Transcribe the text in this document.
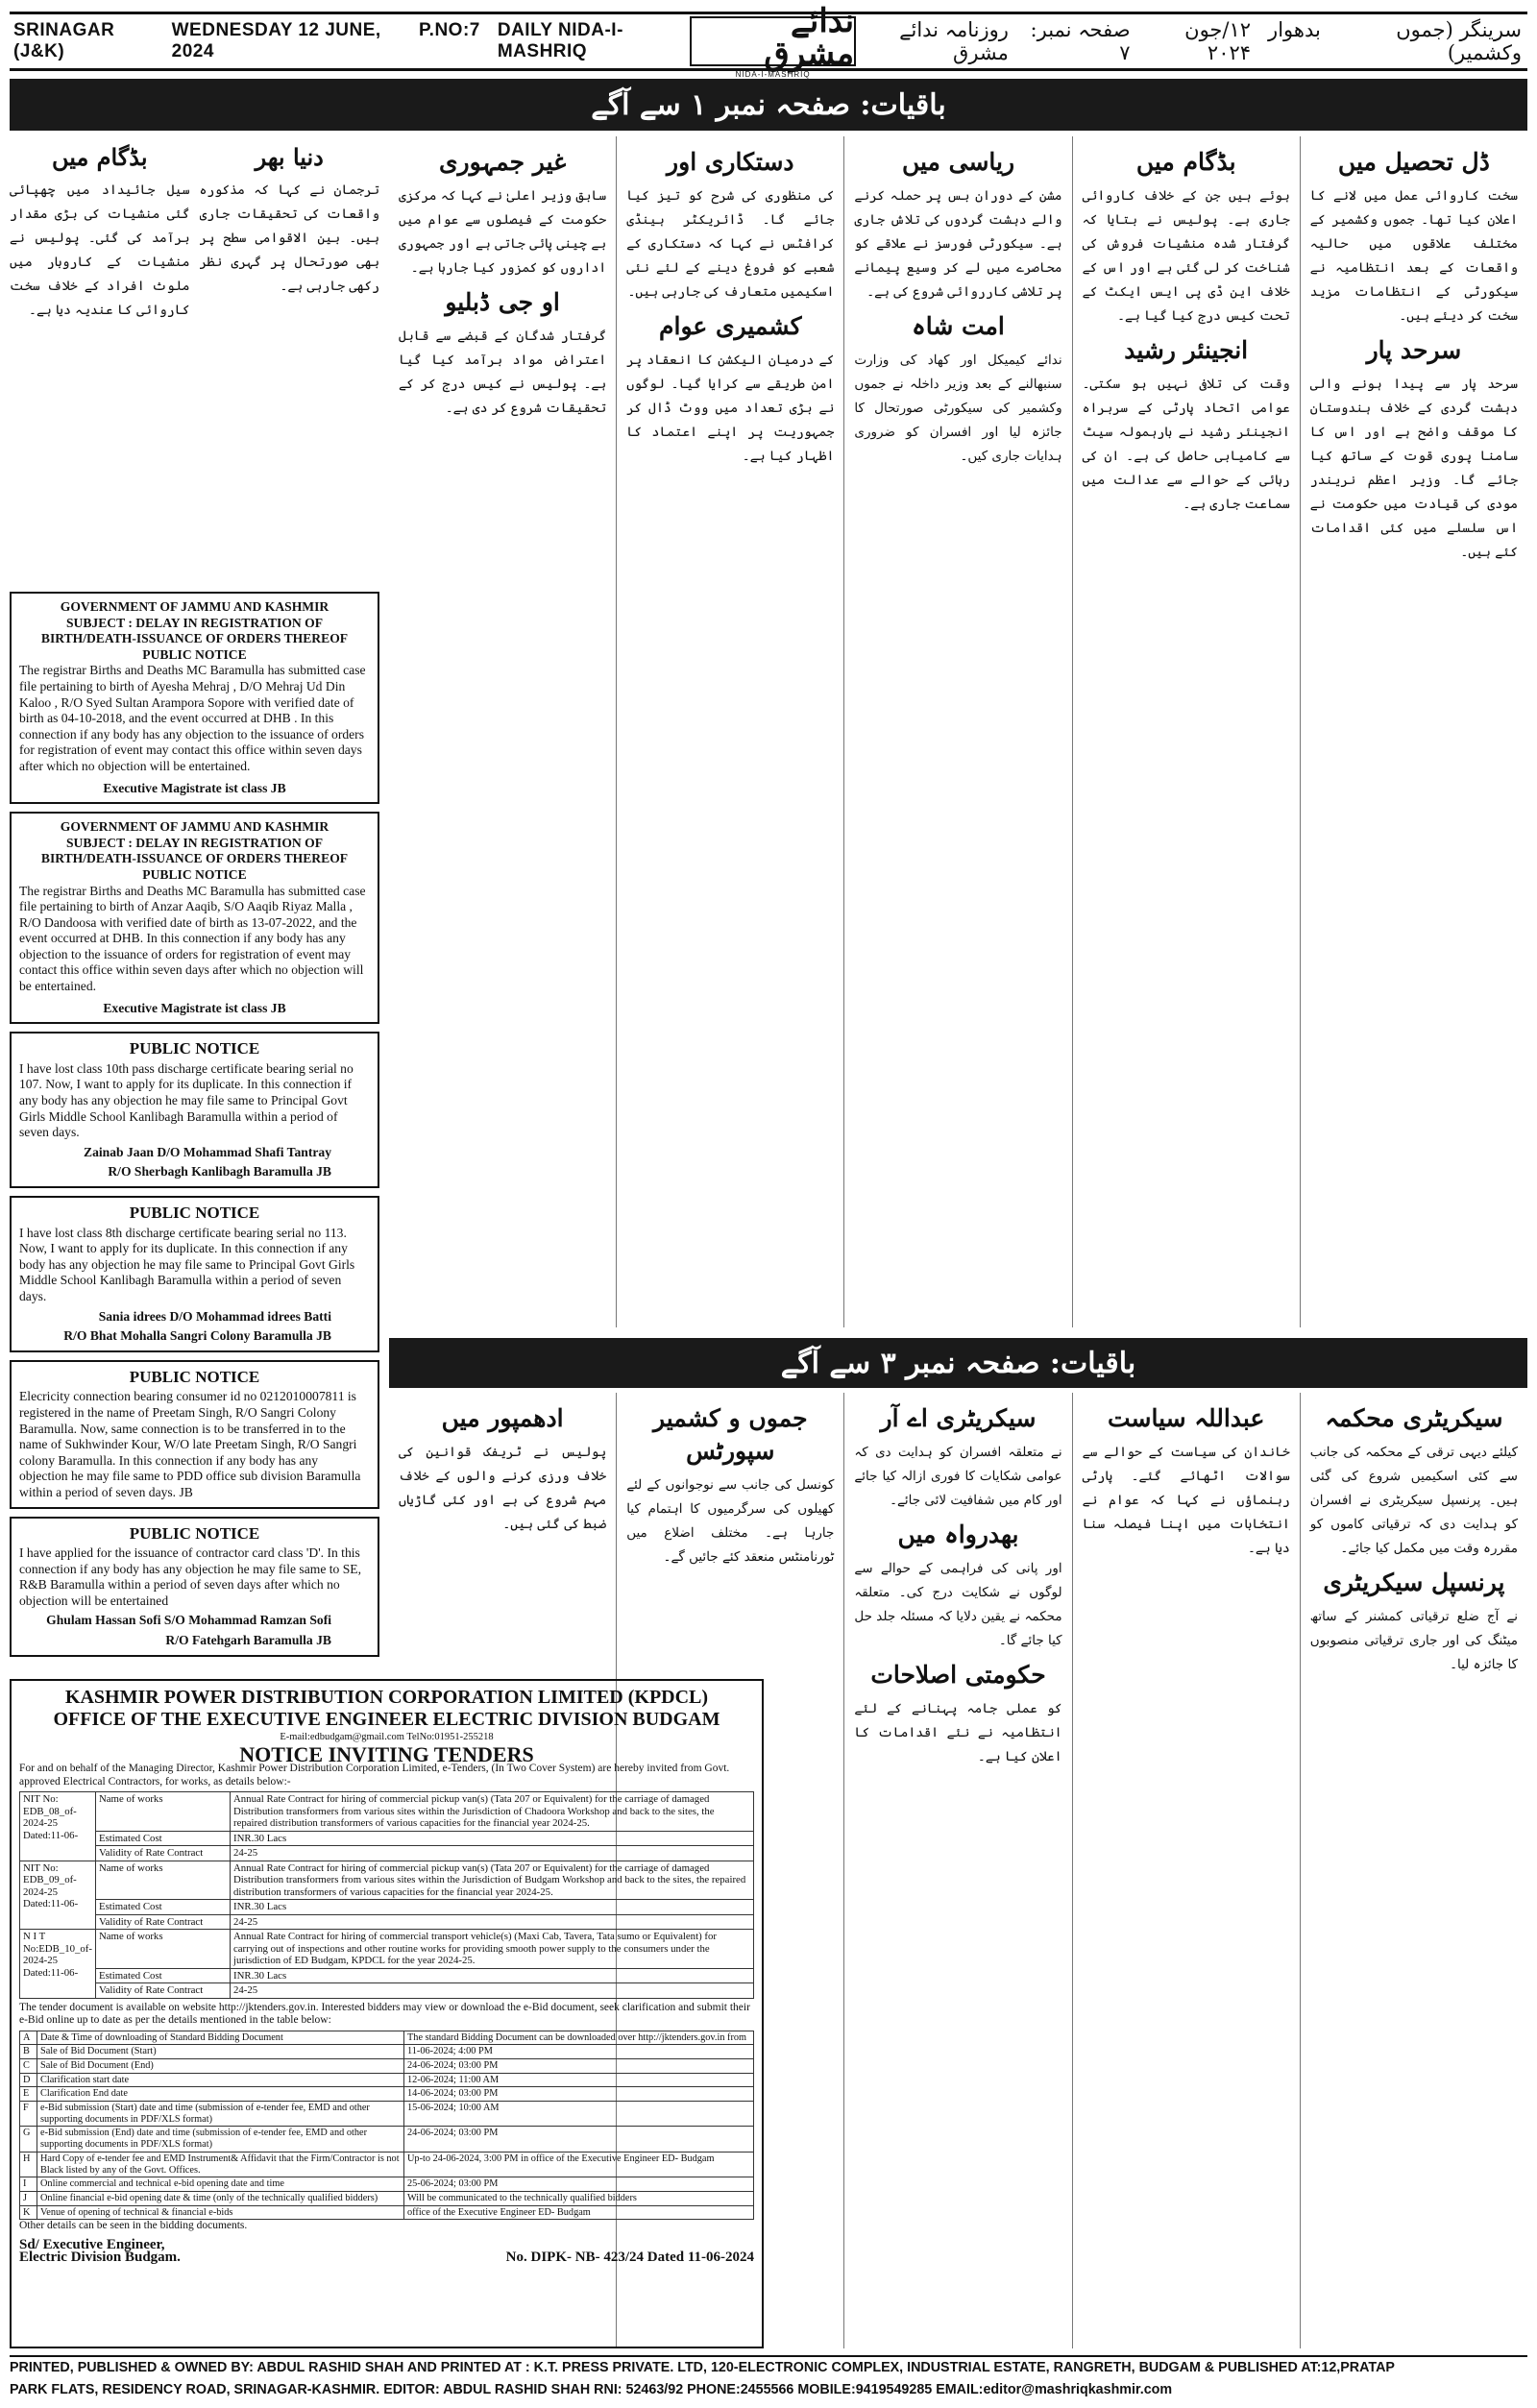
SRINAGAR (J&K)
WEDNESDAY 12 JUNE, 2024
P.NO:7 DAILY NIDA-I-MASHRIQ
ندائے مشرق
NIDA-I-MASHRIQ
سرینگر (جموں وکشمیر)
بدھوار
۱۲/جون ۲۰۲۴
صفحہ نمبر: ۷
روزنامہ ندائے مشرق
باقیات: صفحہ نمبر ۱ سے آگے
ڈل تحصیل میں

سخت کاروائی عمل میں لانے کا اعلان کیا تھا۔ جموں وکشمیر کے مختلف علاقوں میں حالیہ واقعات کے بعد انتظامیہ نے سیکورٹی کے انتظامات مزید سخت کر دیئے ہیں۔

سرحد پار

سرحد پار سے پیدا ہونے والی دہشت گردی کے خلاف ہندوستان کا موقف واضح ہے اور اس کا سامنا پوری قوت کے ساتھ کیا جائے گا۔ وزیر اعظم نریندر مودی کی قیادت میں حکومت نے اس سلسلے میں کئی اقدامات کئے ہیں۔

بڈگام میں

ہوئے ہیں جن کے خلاف کاروائی جاری ہے۔ پولیس نے بتایا کہ گرفتار شدہ منشیات فروش کی شناخت کر لی گئی ہے اور اس کے خلاف این ڈی پی ایس ایکٹ کے تحت کیس درج کیا گیا ہے۔

انجینئر رشید

وقت کی تلافی نہیں ہو سکتی۔ عوامی اتحاد پارٹی کے سربراہ انجینئر رشید نے بارہمولہ سیٹ سے کامیابی حاصل کی ہے۔ ان کی رہائی کے حوالے سے عدالت میں سماعت جاری ہے۔

ریاسی میں

مشن کے دوران بس پر حملہ کرنے والے دہشت گردوں کی تلاش جاری ہے۔ سیکورٹی فورسز نے علاقے کو محاصرے میں لے کر وسیع پیمانے پر تلاشی کارروائی شروع کی ہے۔

امت شاہ

ندائے کیمیکل اور کھاد کی وزارت سنبھالنے کے بعد وزیر داخلہ نے جموں وکشمیر کی سیکورٹی صورتحال کا جائزہ لیا اور افسران کو ضروری ہدایات جاری کیں۔

دستکاری اور

کی منظوری کی شرح کو تیز کیا جائے گا۔ ڈائریکٹر ہینڈی کرافٹس نے کہا کہ دستکاری کے شعبے کو فروغ دینے کے لئے نئی اسکیمیں متعارف کی جارہی ہیں۔

کشمیری عوام

کے درمیان الیکشن کا انعقاد پر امن طریقے سے کرایا گیا۔ لوگوں نے بڑی تعداد میں ووٹ ڈال کر جمہوریت پر اپنے اعتماد کا اظہار کیا ہے۔

غیر جمہوری

سابق وزیر اعلیٰ نے کہا کہ مرکزی حکومت کے فیصلوں سے عوام میں بے چینی پائی جاتی ہے اور جمہوری اداروں کو کمزور کیا جارہا ہے۔

او جی ڈبلیو

گرفتار شدگان کے قبضے سے قابل اعتراض مواد برآمد کیا گیا ہے۔ پولیس نے کیس درج کر کے تحقیقات شروع کر دی ہے۔

بڈگام میں

سیل جائیداد میں چھپائی گئی منشیات کی بڑی مقدار برآمد کی گئی۔ پولیس نے منشیات کے کاروبار میں ملوث افراد کے خلاف سخت کاروائی کا عندیہ دیا ہے۔

دنیا بھر

ترجمان نے کہا کہ مذکورہ واقعات کی تحقیقات جاری ہیں۔ بین الاقوامی سطح پر بھی صورتحال پر گہری نظر رکھی جارہی ہے۔

GOVERNMENT OF JAMMU AND KASHMIR
SUBJECT : DELAY IN REGISTRATION OF BIRTH/DEATH-ISSUANCE OF ORDERS THEREOF
PUBLIC NOTICE
The registrar Births and Deaths MC Baramulla has submitted case file pertaining to birth of Ayesha Mehraj , D/O Mehraj Ud Din Kaloo , R/O Syed Sultan Arampora Sopore with verified date of birth as 04-10-2018, and the event occurred at DHB . In this connection if any body has any objection to the issuance of orders for registration of event may contact this office within seven days after which no objection will be entertained.
Executive Magistrate ist class JB
GOVERNMENT OF JAMMU AND KASHMIR
SUBJECT : DELAY IN REGISTRATION OF BIRTH/DEATH-ISSUANCE OF ORDERS THEREOF
PUBLIC NOTICE
The registrar Births and Deaths MC Baramulla has submitted case file pertaining to birth of Anzar Aaqib, S/O Aaqib Riyaz Malla , R/O Dandoosa with verified date of birth as 13-07-2022, and the event occurred at DHB. In this connection if any body has any objection to the issuance of orders for registration of event may contact this office within seven days after which no objection will be entertained.
Executive Magistrate ist class JB
PUBLIC NOTICE
I have lost class 10th pass discharge certificate bearing serial no 107. Now, I want to apply for its duplicate. In this connection if any body has any objection he may file same to Principal Govt Girls Middle School Kanlibagh Baramulla within a period of seven days.
Zainab Jaan D/O Mohammad Shafi Tantray
R/O Sherbagh Kanlibagh Baramulla JB
PUBLIC NOTICE
I have lost class 8th discharge certificate bearing serial no 113. Now, I want to apply for its duplicate. In this connection if any body has any objection he may file same to Principal Govt Girls Middle School Kanlibagh Baramulla within a period of seven days.
Sania idrees D/O Mohammad idrees Batti
R/O Bhat Mohalla Sangri Colony Baramulla JB
PUBLIC NOTICE
Elecricity connection bearing consumer id no 0212010007811 is registered in the name of Preetam Singh, R/O Sangri Colony Baramulla. Now, same connection is to be transferred in to the name of Sukhwinder Kour, W/O late Preetam Singh, R/O Sangri colony Baramulla. In this connection if any body has any objection he may file same to PDD office sub division Baramulla within a period of seven days. JB
PUBLIC NOTICE
I have applied for the issuance of contractor card class 'D'. In this connection if any body has any objection he may file same to SE, R&B Baramulla within a period of seven days after which no objection will be entertained
Ghulam Hassan Sofi S/O Mohammad Ramzan Sofi
R/O Fatehgarh Baramulla JB
باقیات: صفحہ نمبر ۳ سے آگے
سیکریٹری محکمہ

کیلئے دیہی ترقی کے محکمہ کی جانب سے کئی اسکیمیں شروع کی گئی ہیں۔ پرنسپل سیکریٹری نے افسران کو ہدایت دی کہ ترقیاتی کاموں کو مقررہ وقت میں مکمل کیا جائے۔

پرنسپل سیکریٹری

نے آج ضلع ترقیاتی کمشنر کے ساتھ میٹنگ کی اور جاری ترقیاتی منصوبوں کا جائزہ لیا۔

عبداللہ سیاست

خاندان کی سیاست کے حوالے سے سوالات اٹھائے گئے۔ پارٹی رہنماؤں نے کہا کہ عوام نے انتخابات میں اپنا فیصلہ سنا دیا ہے۔

سیکریٹری اے آر

نے متعلقہ افسران کو ہدایت دی کہ عوامی شکایات کا فوری ازالہ کیا جائے اور کام میں شفافیت لائی جائے۔

بھدرواہ میں

اور پانی کی فراہمی کے حوالے سے لوگوں نے شکایت درج کی۔ متعلقہ محکمہ نے یقین دلایا کہ مسئلہ جلد حل کیا جائے گا۔

حکومتی اصلاحات

کو عملی جامہ پہنانے کے لئے انتظامیہ نے نئے اقدامات کا اعلان کیا ہے۔

جموں و کشمیر سپورٹس

کونسل کی جانب سے نوجوانوں کے لئے کھیلوں کی سرگرمیوں کا اہتمام کیا جارہا ہے۔ مختلف اضلاع میں ٹورنامنٹس منعقد کئے جائیں گے۔

ادھمپور میں

پولیس نے ٹریفک قوانین کی خلاف ورزی کرنے والوں کے خلاف مہم شروع کی ہے اور کئی گاڑیاں ضبط کی گئی ہیں۔

KASHMIR POWER DISTRIBUTION CORPORATION LIMITED (KPDCL)
OFFICE OF THE EXECUTIVE ENGINEER ELECTRIC DIVISION BUDGAM
E-mail:edbudgam@gmail.com TelNo:01951-255218
NOTICE INVITING TENDERS
For and on behalf of the Managing Director, Kashmir Power Distribution Corporation Limited, e-Tenders, (In Two Cover System) are hereby invited from Govt. approved Electrical Contractors, for works, as details below:-
NIT No: EDB_08_of-2024-25 Dated:11-06-	Name of works	Annual Rate Contract for hiring of commercial pickup van(s) (Tata 207 or Equivalent) for the carriage of damaged Distribution transformers from various sites within the Jurisdiction of Chadoora Workshop and back to the sites, the repaired distribution transformers of various capacities for the financial year 2024-25.
	Estimated Cost	INR.30 Lacs
	Validity of Rate Contract	24-25
NIT No: EDB_09_of-2024-25 Dated:11-06-	Name of works	Annual Rate Contract for hiring of commercial pickup van(s) (Tata 207 or Equivalent) for the carriage of damaged Distribution transformers from various sites within the Jurisdiction of Budgam Workshop and back to the sites, the repaired distribution transformers of various capacities for the financial year 2024-25.
	Estimated Cost	INR.30 Lacs
	Validity of Rate Contract	24-25
N I T No:EDB_10_of-2024-25 Dated:11-06-	Name of works	Annual Rate Contract for hiring of commercial transport vehicle(s) (Maxi Cab, Tavera, Tata sumo or Equivalent) for carrying out of inspections and other routine works for providing smooth power supply to the consumers under the jurisdiction of ED Budgam, KPDCL for the year 2024-25.
	Estimated Cost	INR.30 Lacs
	Validity of Rate Contract	24-25
The tender document is available on website http://jktenders.gov.in. Interested bidders may view or download the e-Bid document, seek clarification and submit their e-Bid online up to date as per the details mentioned in the table below:
A	Date & Time of downloading of Standard Bidding Document	The standard Bidding Document can be downloaded over http://jktenders.gov.in from
B	Sale of Bid Document (Start)	11-06-2024; 4:00 PM
C	Sale of Bid Document (End)	24-06-2024; 03:00 PM
D	Clarification start date	12-06-2024; 11:00 AM
E	Clarification End date	14-06-2024; 03:00 PM
F	e-Bid submission (Start) date and time (submission of e-tender fee, EMD and other supporting documents in PDF/XLS format)	15-06-2024; 10:00 AM
G	e-Bid submission (End) date and time (submission of e-tender fee, EMD and other supporting documents in PDF/XLS format)	24-06-2024; 03:00 PM
H	Hard Copy of e-tender fee and EMD Instrument& Affidavit that the Firm/Contractor is not Black listed by any of the Govt. Offices.	Up-to 24-06-2024, 3:00 PM in office of the Executive Engineer ED- Budgam
I	Online commercial and technical e-bid opening date and time	25-06-2024; 03:00 PM
J	Online financial e-bid opening date & time (only of the technically qualified bidders)	Will be communicated to the technically qualified bidders
K	Venue of opening of technical & financial e-bids	office of the Executive Engineer ED- Budgam
Other details can be seen in the bidding documents.
Sd/ Executive Engineer,
Electric Division Budgam.	No. DIPK- NB- 423/24 Dated 11-06-2024
PRINTED, PUBLISHED & OWNED BY: ABDUL RASHID SHAH AND PRINTED AT : K.T. PRESS PRIVATE. LTD, 120-ELECTRONIC COMPLEX, INDUSTRIAL ESTATE, RANGRETH, BUDGAM & PUBLISHED AT:12,PRATAP
PARK FLATS, RESIDENCY ROAD, SRINAGAR-KASHMIR. EDITOR: ABDUL RASHID SHAH RNI: 52463/92 PHONE:2455566 MOBILE:9419549285 EMAIL:editor@mashriqkashmir.com
